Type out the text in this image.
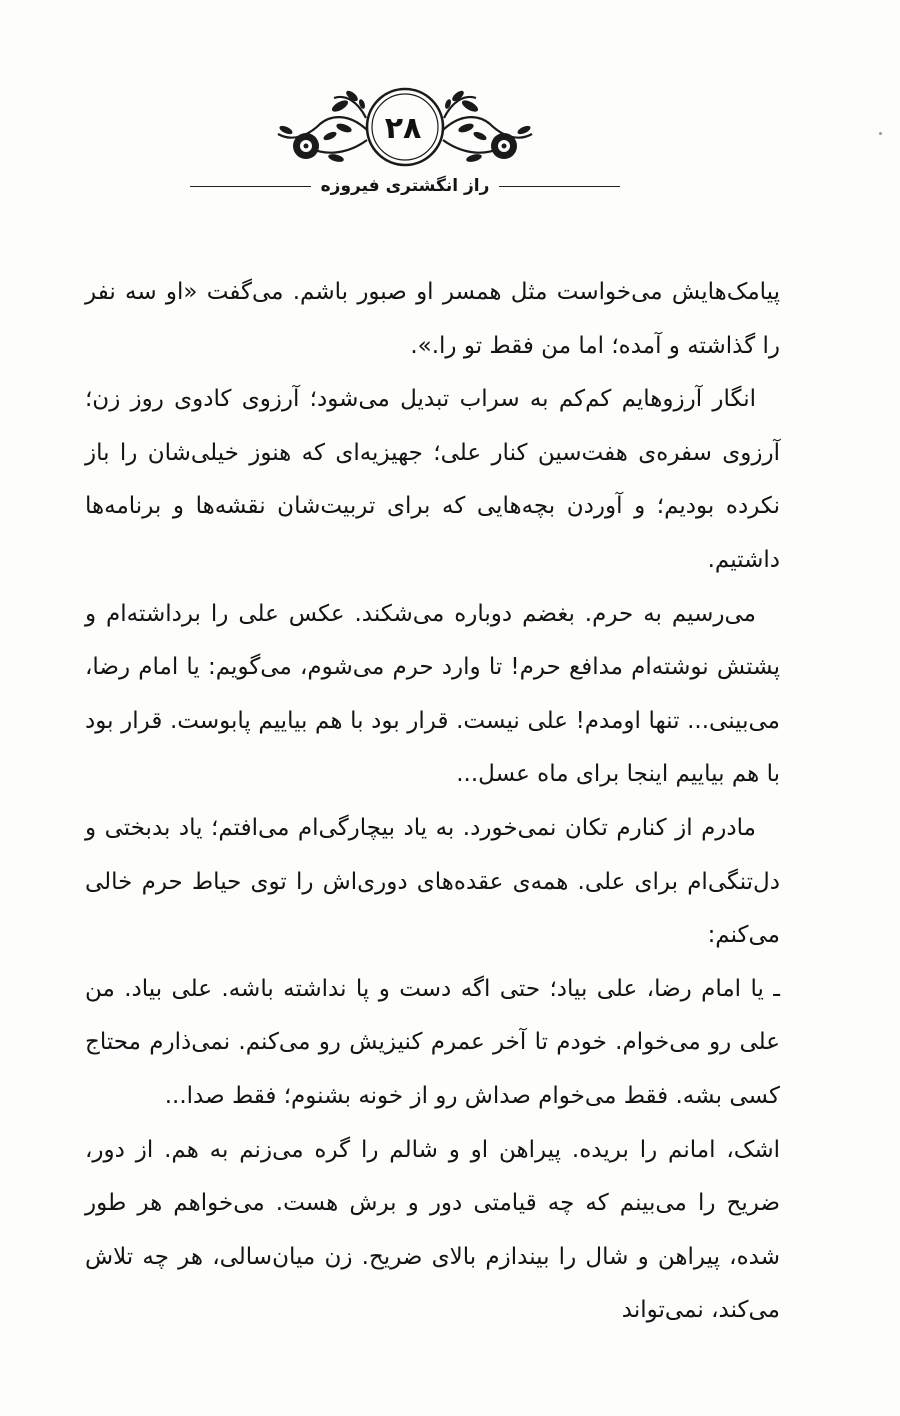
۲۸
راز انگشتری فیروزه

پیامک‌هایش می‌خواست مثل همسر او صبور باشم. می‌گفت «او سه نفر را گذاشته و آمده؛ اما من فقط تو را.».

انگار آرزوهایم کم‌کم به سراب تبدیل می‌شود؛ آرزوی کادوی روز زن؛ آرزوی سفره‌ی هفت‌سین کنار علی؛ جهیزیه‌ای که هنوز خیلی‌شان را باز نکرده بودیم؛ و آوردن بچه‌هایی که برای تربیت‌شان نقشه‌ها و برنامه‌ها داشتیم.

می‌رسیم به حرم. بغضم دوباره می‌شکند. عکس علی را برداشته‌ام و پشتش نوشته‌ام مدافع حرم! تا وارد حرم می‌شوم، می‌گویم: یا امام رضا، می‌بینی... تنها اومدم! علی نیست. قرار بود با هم بیاییم پابوست. قرار بود با هم بیاییم اینجا برای ماه عسل...

مادرم از کنارم تکان نمی‌خورد. به یاد بیچارگی‌ام می‌افتم؛ یاد بدبختی و دل‌تنگی‌ام برای علی. همه‌ی عقده‌های دوری‌اش را توی حیاط حرم خالی می‌کنم:

ـ یا امام رضا، علی بیاد؛ حتی اگه دست و پا نداشته باشه. علی بیاد. من علی رو می‌خوام. خودم تا آخر عمرم کنیزیش رو می‌کنم. نمی‌ذارم محتاج کسی بشه. فقط می‌خوام صداش رو از خونه بشنوم؛ فقط صدا...

اشک، امانم را بریده. پیراهن او و شالم را گره می‌زنم به هم. از دور، ضریح را می‌بینم که چه قیامتی دور و برش هست. می‌خواهم هر طور شده، پیراهن و شال را بیندازم بالای ضریح. زن میان‌سالی، هر چه تلاش می‌کند، نمی‌تواند
